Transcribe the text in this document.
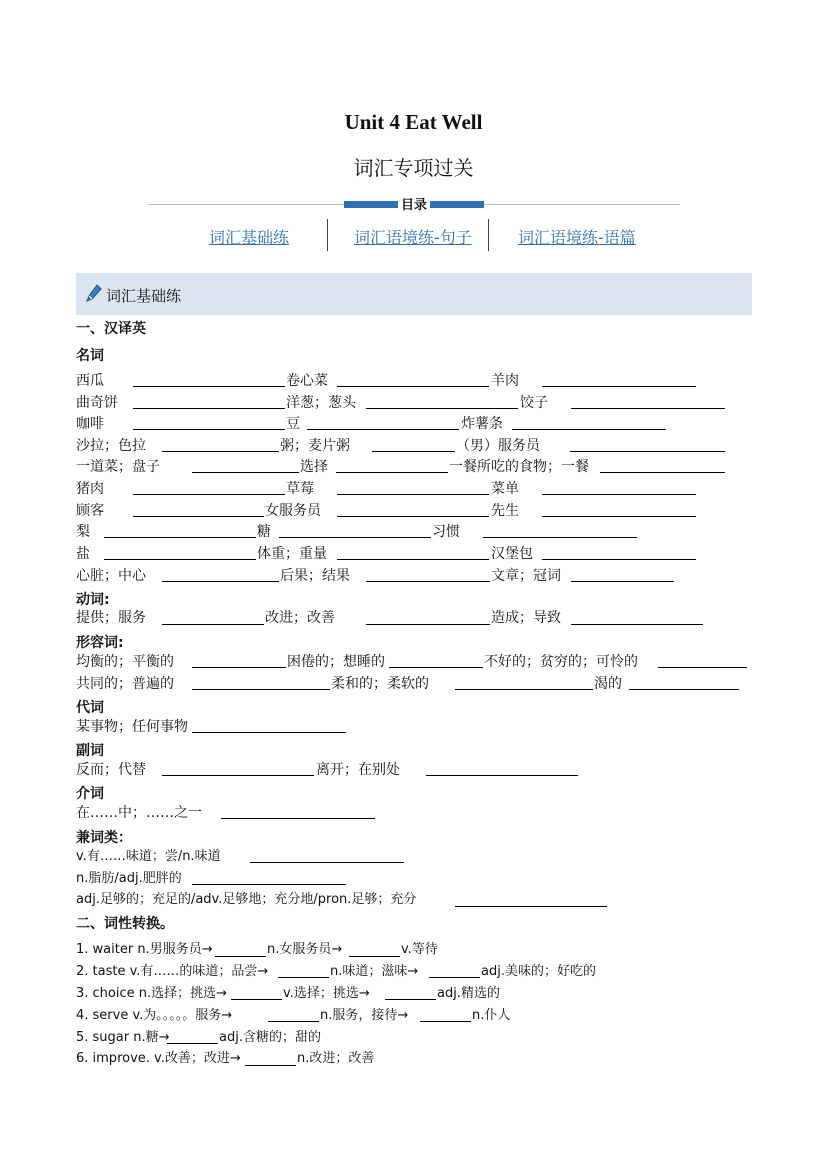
Unit 4 Eat Well
词汇专项过关
目录
词汇基础练	词汇语境练-句子	词汇语境练-语篇
词汇基础练
一、汉译英
名词
西瓜	卷心菜	羊肉
曲奇饼	洋葱；葱头	饺子
咖啡	豆	炸薯条
沙拉；色拉	粥；麦片粥	（男）服务员
一道菜；盘子	选择	一餐所吃的食物；一餐
猪肉	草莓	菜单
顾客	女服务员	先生
梨	糖	习惯
盐	体重；重量	汉堡包
心脏；中心	后果；结果	文章；冠词
动词:
提供；服务	改进；改善	造成；导致
形容词:
均衡的；平衡的	困倦的；想睡的	不好的；贫穷的；可怜的
共同的；普遍的	柔和的；柔软的	渴的
代词
某事物；任何事物
副词
反而；代替	离开；在别处
介词
在……中；……之一
兼词类：
v.有……味道；尝/n.味道
n.脂肪/adj.肥胖的
adj.足够的；充足的/adv.足够地；充分地/pron.足够；充分
二、词性转换。
1. waiter n.男服务员→	n.女服务员→	v.等待
2. taste v.有……的味道；品尝→	n.味道；滋味→	adj.美味的；好吃的
3. choice n.选择；挑选→	v.选择；挑选→	adj.精选的
4. serve v.为。。。。。服务→	n.服务，接待→	n.仆人
5. sugar n.糖→	adj.含糖的；甜的
6. improve. v.改善；改进→	n.改进；改善
